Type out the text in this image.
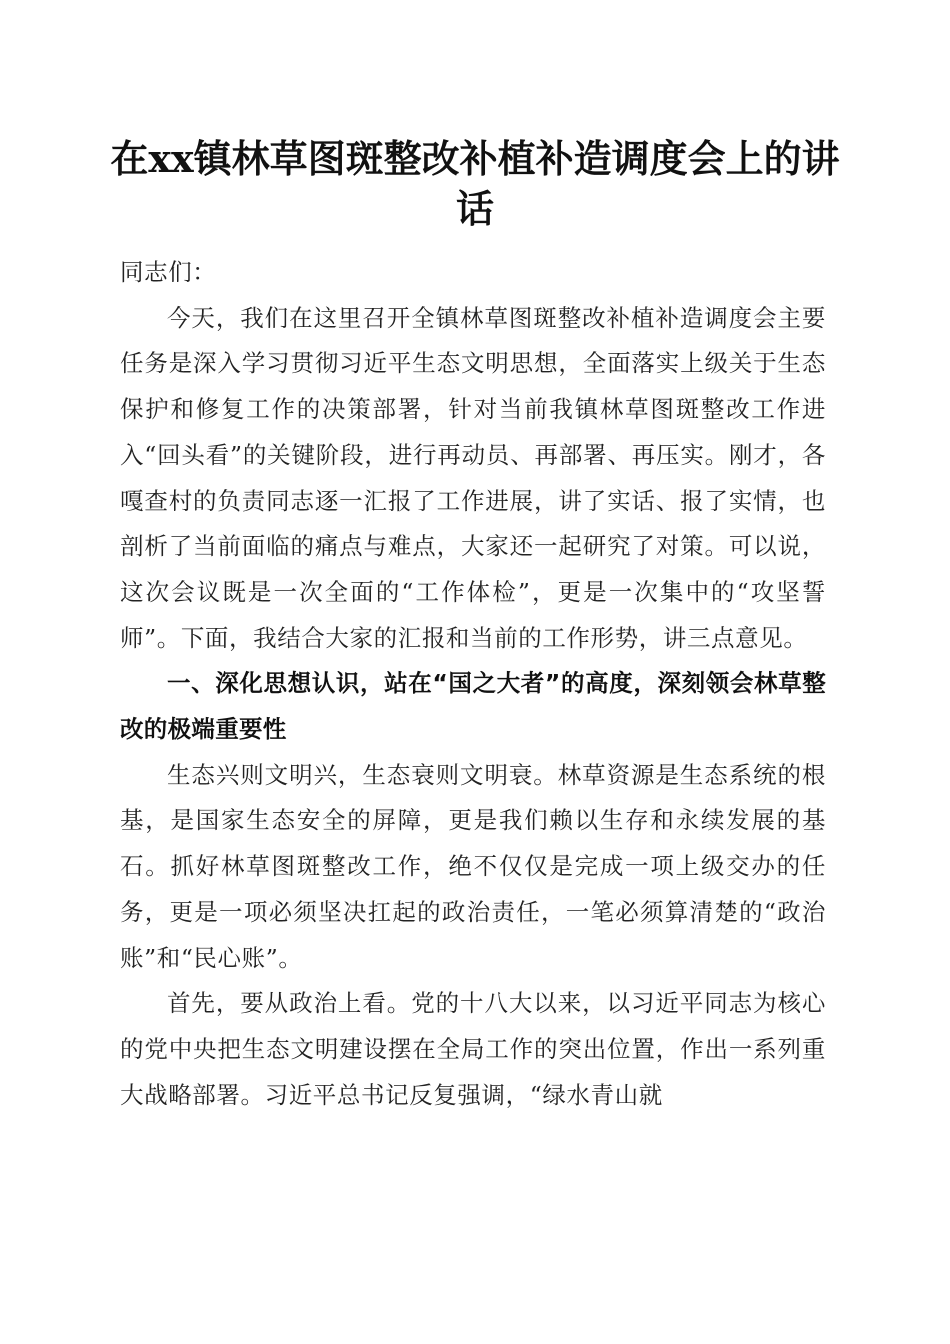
在xx镇林草图斑整改补植补造调度会上的讲话

同志们：

今天，我们在这里召开全镇林草图斑整改补植补造调度会主要任务是深入学习贯彻习近平生态文明思想，全面落实上级关于生态保护和修复工作的决策部署，针对当前我镇林草图斑整改工作进入“回头看”的关键阶段，进行再动员、再部署、再压实。刚才，各嘎查村的负责同志逐一汇报了工作进展，讲了实话、报了实情，也剖析了当前面临的痛点与难点，大家还一起研究了对策。可以说，这次会议既是一次全面的“工作体检”，更是一次集中的“攻坚誓师”。下面，我结合大家的汇报和当前的工作形势，讲三点意见。

一、深化思想认识，站在“国之大者”的高度，深刻领会林草整改的极端重要性

生态兴则文明兴，生态衰则文明衰。林草资源是生态系统的根基，是国家生态安全的屏障，更是我们赖以生存和永续发展的基石。抓好林草图斑整改工作，绝不仅仅是完成一项上级交办的任务，更是一项必须坚决扛起的政治责任，一笔必须算清楚的“政治账”和“民心账”。

首先，要从政治上看。党的十八大以来，以习近平同志为核心的党中央把生态文明建设摆在全局工作的突出位置，作出一系列重大战略部署。习近平总书记反复强调，“绿水青山就
